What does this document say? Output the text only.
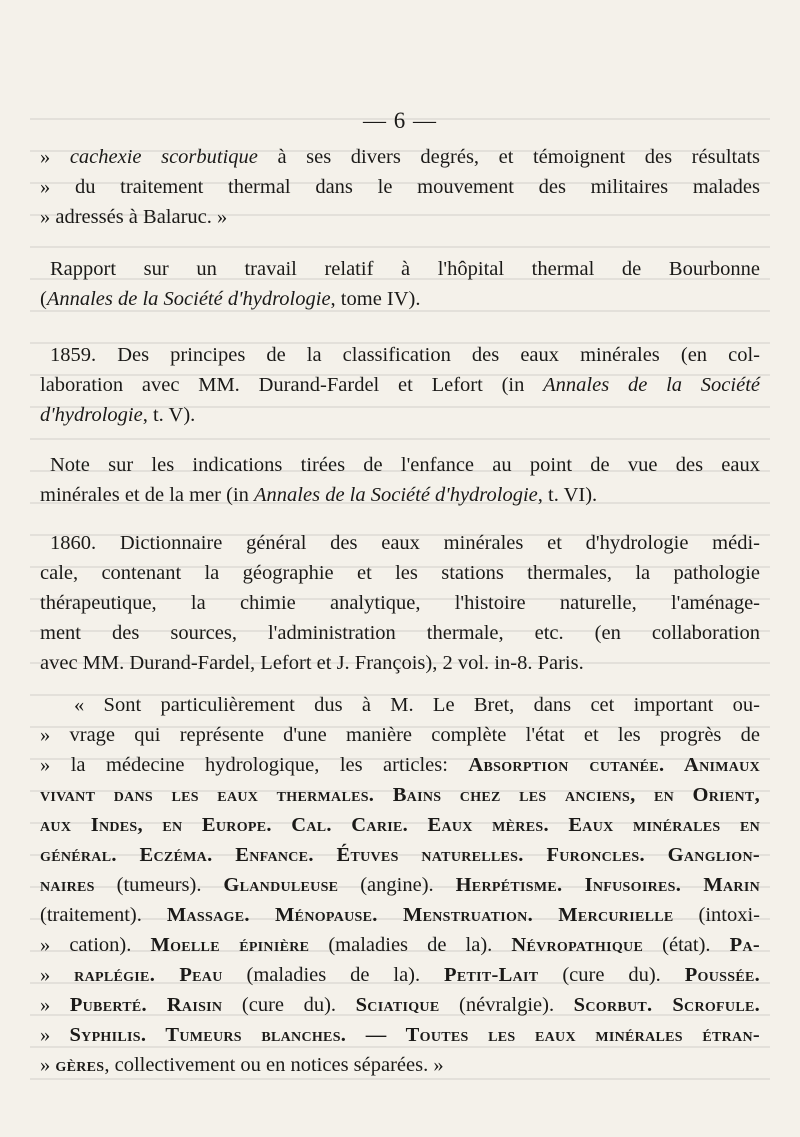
— 6 —
» cachexie scorbutique à ses divers degrés, et témoignent des résultats
» du traitement thermal dans le mouvement des militaires malades
» adressés à Balaruc. »
Rapport sur un travail relatif à l'hôpital thermal de Bourbonne
(Annales de la Société d'hydrologie, tome IV).
1859. Des principes de la classification des eaux minérales (en col-
laboration avec MM. Durand-Fardel et Lefort (in Annales de la Société
d'hydrologie, t. V).
Note sur les indications tirées de l'enfance au point de vue des eaux
minérales et de la mer (in Annales de la Société d'hydrologie, t. VI).
1860. Dictionnaire général des eaux minérales et d'hydrologie médi-
cale, contenant la géographie et les stations thermales, la pathologie
thérapeutique, la chimie analytique, l'histoire naturelle, l'aménage-
ment des sources, l'administration thermale, etc. (en collaboration
avec MM. Durand-Fardel, Lefort et J. François), 2 vol. in-8. Paris.
« Sont particulièrement dus à M. Le Bret, dans cet important ou-
» vrage qui représente d'une manière complète l'état et les progrès de
» la médecine hydrologique, les articles: Absorption cutanée. Animaux
vivant dans les eaux thermales. Bains chez les anciens, en Orient,
aux Indes, en Europe. Cal. Carie. Eaux mères. Eaux minérales en
général. Eczéma. Enfance. Étuves naturelles. Furoncles. Ganglion-
naires (tumeurs). Glanduleuse (angine). Herpétisme. Infusoires. Marin
(traitement). Massage. Ménopause. Menstruation. Mercurielle (intoxi-
» cation). Moelle épinière (maladies de la). Névropathique (état). Pa-
» raplégie. Peau (maladies de la). Petit-Lait (cure du). Poussée.
» Puberté. Raisin (cure du). Sciatique (névralgie). Scorbut. Scrofule.
» Syphilis. Tumeurs blanches. — Toutes les eaux minérales étran-
» gères, collectivement ou en notices séparées. »
